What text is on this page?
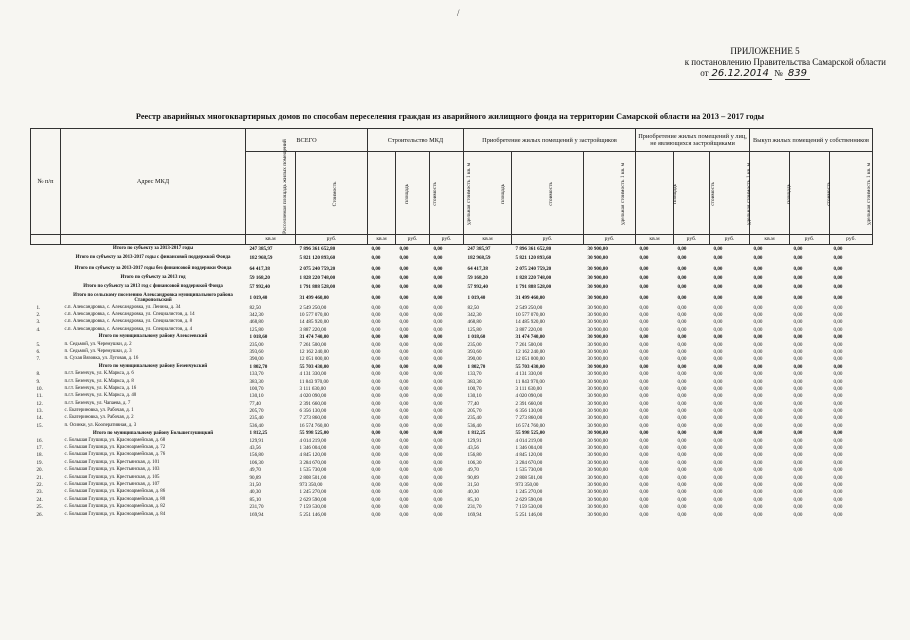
/
ПРИЛОЖЕНИЕ 5
к постановлению Правительства Самарской области
от 26.12.2014 № 839
Реестр аварийных многоквартирных домов по способам переселения граждан из аварийного жилищного фонда на территории Самарской области на 2013 – 2017 годы
№ п/п	Адрес МКД	ВСЕГО		Строительство МКД			Приобретение жилых помещений у застройщиков			Приобретение жилых помещений у лиц, не являющихся застройщиками			Выкуп жилых помещений у собственников		
		Расселяемая площадь жилых помещений	Стоимость	площадь	стоимость	удельная стоимость 1 кв. м	площадь	стоимость	удельная стоимость 1 кв. м	площадь	стоимость	удельная стоимость 1 кв. м	площадь	стоимость	удельная стоимость 1 кв. м
		кв.м	руб.	кв.м	руб.	руб.	кв.м	руб.	руб.	кв.м	руб.	руб.	кв.м	руб.	руб.
	Итого по субъекту за 2013-2017 годы	247 385,97	7 896 361 652,80	0,00	0,00	0,00	247 385,97	7 896 361 652,80	30 900,00	0,00	0,00	0,00	0,00	0,00	0,00
	Итого по субъекту за 2013-2017 годы с финансовой поддержкой Фонда	182 968,59	5 821 120 893,60	0,00	0,00	0,00	182 968,59	5 821 120 893,60	30 900,00	0,00	0,00	0,00	0,00	0,00	0,00
	Итого по субъекту за 2013-2017 годы без финансовой поддержки Фонда	64 417,38	2 075 240 759,20	0,00	0,00	0,00	64 417,38	2 075 240 759,20	30 900,00	0,00	0,00	0,00	0,00	0,00	0,00
	Итого по субъекту за 2013 год	59 168,20	1 828 220 748,00	0,00	0,00	0,00	59 168,20	1 828 220 748,00	30 900,00	0,00	0,00	0,00	0,00	0,00	0,00
	Итого по субъекту за 2013 год с финансовой поддержкой Фонда	57 992,40	1 791 888 528,00	0,00	0,00	0,00	57 992,40	1 791 888 528,00	30 900,00	0,00	0,00	0,00	0,00	0,00	0,00
	Итого по сельскому поселению Александровка муниципального района Ставропольский	1 019,40	31 499 460,00	0,00	0,00	0,00	1 019,40	31 499 460,00	30 900,00	0,00	0,00	0,00	0,00	0,00	0,00
1.	с.п. Александровка, с. Александровка, ул. Ленина, д. 34	82,50	2 549 250,00	0,00	0,00	0,00	82,50	2 549 250,00	30 900,00	0,00	0,00	0,00	0,00	0,00	0,00
2.	с.п. Александровка, с. Александровка, ул. Специалистов, д. 14	342,30	10 577 070,00	0,00	0,00	0,00	342,30	10 577 070,00	30 900,00	0,00	0,00	0,00	0,00	0,00	0,00
3.	с.п. Александровка, с. Александровка, ул. Специалистов, д. 8	468,80	14 485 920,00	0,00	0,00	0,00	468,80	14 485 920,00	30 900,00	0,00	0,00	0,00	0,00	0,00	0,00
4.	с.п. Александровка, с. Александровка, ул. Специалистов, д. 4	125,80	3 887 220,00	0,00	0,00	0,00	125,80	3 887 220,00	30 900,00	0,00	0,00	0,00	0,00	0,00	0,00
	Итого по муниципальному району Алексеевский	1 018,60	31 474 740,00	0,00	0,00	0,00	1 018,60	31 474 740,00	30 900,00	0,00	0,00	0,00	0,00	0,00	0,00
5.	п. Седьмой, ул. Черемушки, д. 2	235,00	7 261 500,00	0,00	0,00	0,00	235,00	7 261 500,00	30 900,00	0,00	0,00	0,00	0,00	0,00	0,00
6.	п. Седьмой, ул. Черемушки, д. 3	393,60	12 162 240,00	0,00	0,00	0,00	393,60	12 162 240,00	30 900,00	0,00	0,00	0,00	0,00	0,00	0,00
7.	п. Сухая Вязовка, ул. Луговая, д. 16	390,00	12 051 000,00	0,00	0,00	0,00	390,00	12 051 000,00	30 900,00	0,00	0,00	0,00	0,00	0,00	0,00
	Итого по муниципальному району Безенчукский	1 802,70	55 703 430,00	0,00	0,00	0,00	1 802,70	55 703 430,00	30 900,00	0,00	0,00	0,00	0,00	0,00	0,00
8.	п.г.т. Безенчук, ул. К.Маркса, д. 6	133,70	4 131 330,00	0,00	0,00	0,00	133,70	4 131 330,00	30 900,00	0,00	0,00	0,00	0,00	0,00	0,00
9.	п.г.т. Безенчук, ул. К.Маркса, д. 8	383,30	11 843 970,00	0,00	0,00	0,00	383,30	11 843 970,00	30 900,00	0,00	0,00	0,00	0,00	0,00	0,00
10.	п.г.т. Безенчук, ул. К.Маркса, д. 16	100,70	3 111 630,00	0,00	0,00	0,00	100,70	3 111 630,00	30 900,00	0,00	0,00	0,00	0,00	0,00	0,00
11.	п.г.т. Безенчук, ул. К.Маркса, д. 40	130,10	4 020 090,00	0,00	0,00	0,00	130,10	4 020 090,00	30 900,00	0,00	0,00	0,00	0,00	0,00	0,00
12.	п.г.т. Безенчук, ул. Чапаева, д. 7	77,40	2 391 660,00	0,00	0,00	0,00	77,40	2 391 660,00	30 900,00	0,00	0,00	0,00	0,00	0,00	0,00
13.	с. Екатериновка, ул. Рабочая, д. 1	205,70	6 356 130,00	0,00	0,00	0,00	205,70	6 356 130,00	30 900,00	0,00	0,00	0,00	0,00	0,00	0,00
14.	с. Екатериновка, ул. Рабочая, д. 2	235,40	7 273 860,00	0,00	0,00	0,00	235,40	7 273 860,00	30 900,00	0,00	0,00	0,00	0,00	0,00	0,00
15.	п. Осинки, ул. Кооперативная, д. 3	536,40	16 574 760,00	0,00	0,00	0,00	536,40	16 574 760,00	30 900,00	0,00	0,00	0,00	0,00	0,00	0,00
	Итого по муниципальному району Большеглушицкий	1 812,25	55 998 525,00	0,00	0,00	0,00	1 812,25	55 998 525,00	30 900,00	0,00	0,00	0,00	0,00	0,00	0,00
16.	с. Большая Глушица, ул. Красноармейская, д. 68	129,91	4 014 219,00	0,00	0,00	0,00	129,91	4 014 219,00	30 900,00	0,00	0,00	0,00	0,00	0,00	0,00
17.	с. Большая Глушица, ул. Красноармейская, д. 72	43,56	1 346 004,00	0,00	0,00	0,00	43,56	1 346 004,00	30 900,00	0,00	0,00	0,00	0,00	0,00	0,00
18.	с. Большая Глушица, ул. Красноармейская, д. 76	156,80	4 845 120,00	0,00	0,00	0,00	156,80	4 845 120,00	30 900,00	0,00	0,00	0,00	0,00	0,00	0,00
19.	с. Большая Глушица, ул. Крестьянская, д. 101	106,30	3 284 670,00	0,00	0,00	0,00	106,30	3 284 670,00	30 900,00	0,00	0,00	0,00	0,00	0,00	0,00
20.	с. Большая Глушица, ул. Крестьянская, д. 103	49,70	1 535 730,00	0,00	0,00	0,00	49,70	1 535 730,00	30 900,00	0,00	0,00	0,00	0,00	0,00	0,00
21.	с. Большая Глушица, ул. Крестьянская, д. 105	90,89	2 808 501,00	0,00	0,00	0,00	90,89	2 808 501,00	30 900,00	0,00	0,00	0,00	0,00	0,00	0,00
22.	с. Большая Глушица, ул. Крестьянская, д. 107	31,50	973 350,00	0,00	0,00	0,00	31,50	973 350,00	30 900,00	0,00	0,00	0,00	0,00	0,00	0,00
23.	с. Большая Глушица, ул. Красноармейская, д. 86	40,30	1 245 270,00	0,00	0,00	0,00	40,30	1 245 270,00	30 900,00	0,00	0,00	0,00	0,00	0,00	0,00
24.	с. Большая Глушица, ул. Красноармейская, д. 80	85,10	2 629 590,00	0,00	0,00	0,00	85,10	2 629 590,00	30 900,00	0,00	0,00	0,00	0,00	0,00	0,00
25.	с. Большая Глушица, ул. Красноармейская, д. 82	231,70	7 159 530,00	0,00	0,00	0,00	231,70	7 159 530,00	30 900,00	0,00	0,00	0,00	0,00	0,00	0,00
26.	с. Большая Глушица, ул. Красноармейская, д. 84	169,94	5 251 146,00	0,00	0,00	0,00	169,94	5 251 146,00	30 900,00	0,00	0,00	0,00	0,00	0,00	0,00
